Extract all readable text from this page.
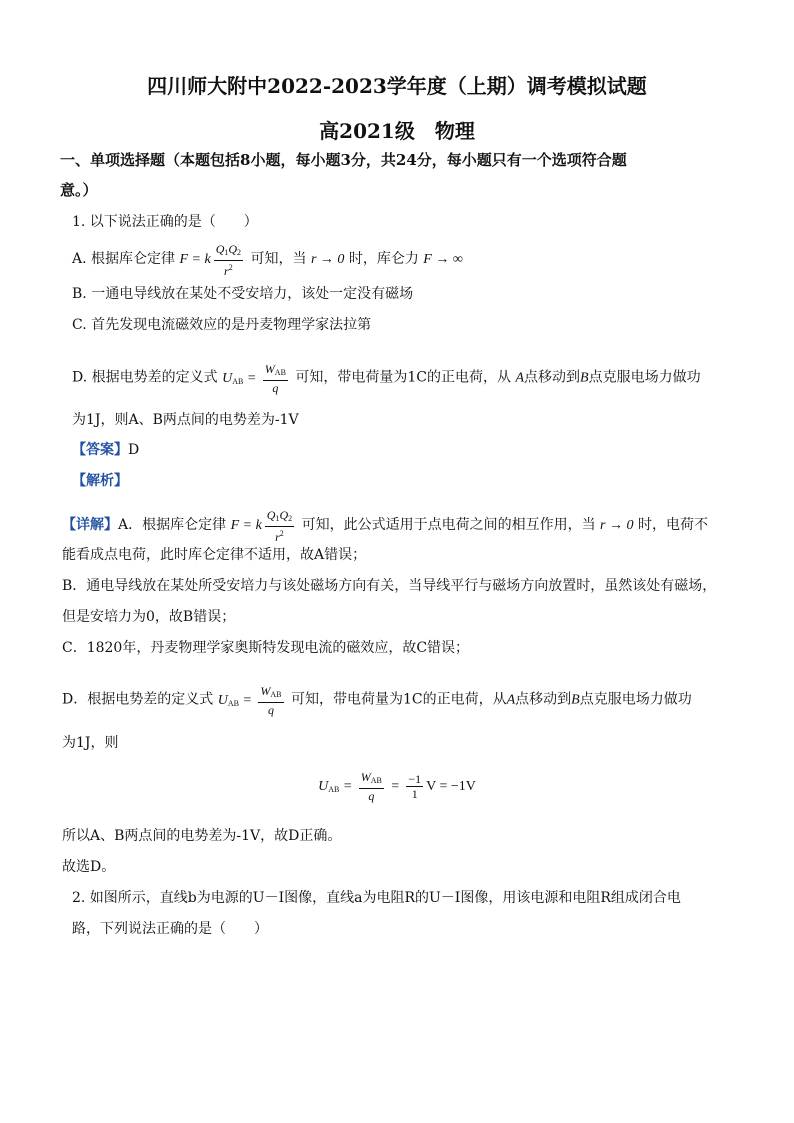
四川师大附中2022-2023学年度（上期）调考模拟试题
高2021级　物理
一、单项选择题（本题包括8小题，每小题3分，共24分，每小题只有一个选项符合题
意。）
1. 以下说法正确的是（　　）
A. 根据库仑定律 F = k $\frac{Q_1Q_2}{r^2}$ 可知，当 r → 0 时，库仑力 F → ∞
B. 一通电导线放在某处不受安培力，该处一定没有磁场
C. 首先发现电流磁效应的是丹麦物理学家法拉第
D. 根据电势差的定义式 $U_{AB} = \frac{W_{AB}}{q}$ 可知，带电荷量为1C的正电荷，从 A点移动到B点克服电场力做功
为1J，则A、B两点间的电势差为-1V
【答案】D
【解析】
【详解】A．根据库仑定律 F = k $\frac{Q_1Q_2}{r^2}$ 可知，此公式适用于点电荷之间的相互作用，当 r → 0 时，电荷不
能看成点电荷，此时库仑定律不适用，故A错误；
B．通电导线放在某处所受安培力与该处磁场方向有关，当导线平行与磁场方向放置时，虽然该处有磁场，
但是安培力为0，故B错误；
C．1820年，丹麦物理学家奥斯特发现电流的磁效应，故C错误；
D．根据电势差的定义式 $U_{AB} = \frac{W_{AB}}{q}$ 可知，带电荷量为1C的正电荷，从A点移动到B点克服电场力做功
为1J，则
$U_{AB} = \frac{W_{AB}}{q} = \frac{-1}{1}$ V = −1V
所以A、B两点间的电势差为-1V，故D正确。
故选D。
2. 如图所示，直线b为电源的U－I图像，直线a为电阻R的U－I图像，用该电源和电阻R组成闭合电
路，下列说法正确的是（　　）
